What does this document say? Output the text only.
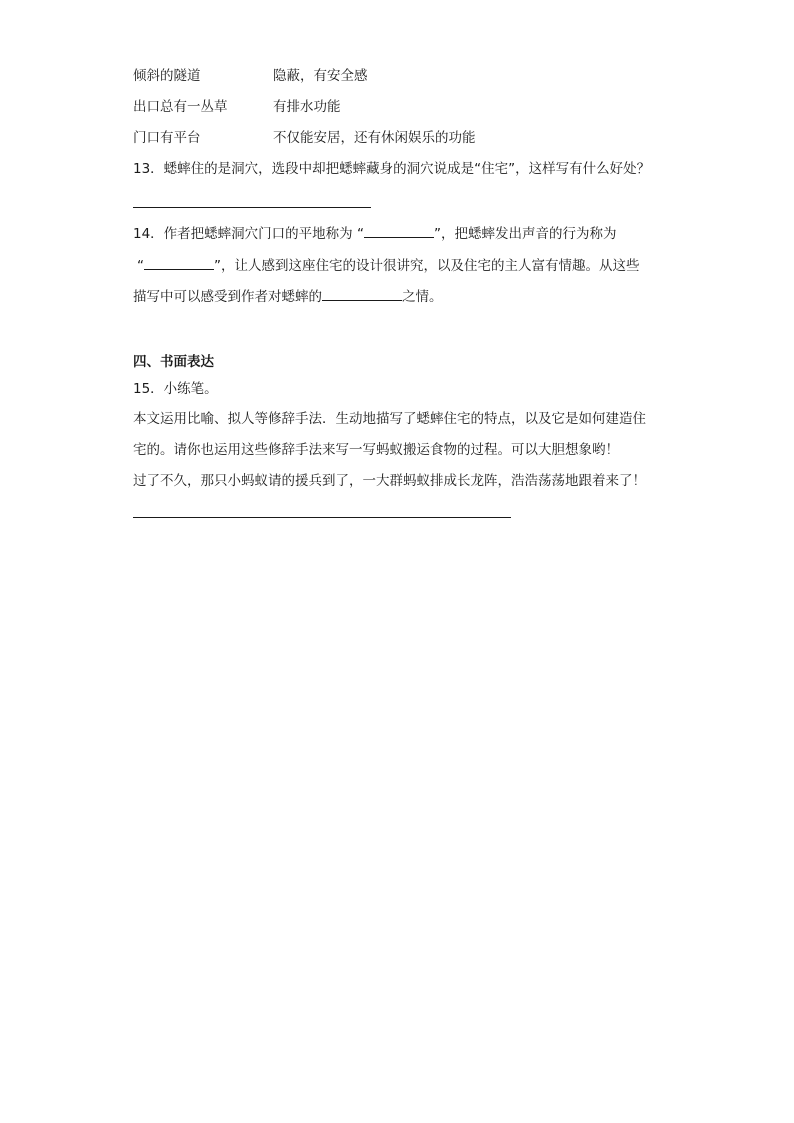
倾斜的隧道	隐蔽，有安全感
出口总有一丛草	有排水功能
门口有平台	不仅能安居，还有休闲娱乐的功能
13．蟋蟀住的是洞穴，选段中却把蟋蟀藏身的洞穴说成是“住宅”，这样写有什么好处？
14．作者把蟋蟀洞穴门口的平地称为 “	”，把蟋蟀发出声音的行为称为
“	”，让人感到这座住宅的设计很讲究，以及住宅的主人富有情趣。从这些
描写中可以感受到作者对蟋蟀的	之情。
四、书面表达
15．小练笔。
本文运用比喻、拟人等修辞手法．生动地描写了蟋蟀住宅的特点，以及它是如何建造住
宅的。请你也运用这些修辞手法来写一写蚂蚁搬运食物的过程。可以大胆想象哟！
过了不久，那只小蚂蚁请的援兵到了，一大群蚂蚁排成长龙阵，浩浩荡荡地跟着来了！
